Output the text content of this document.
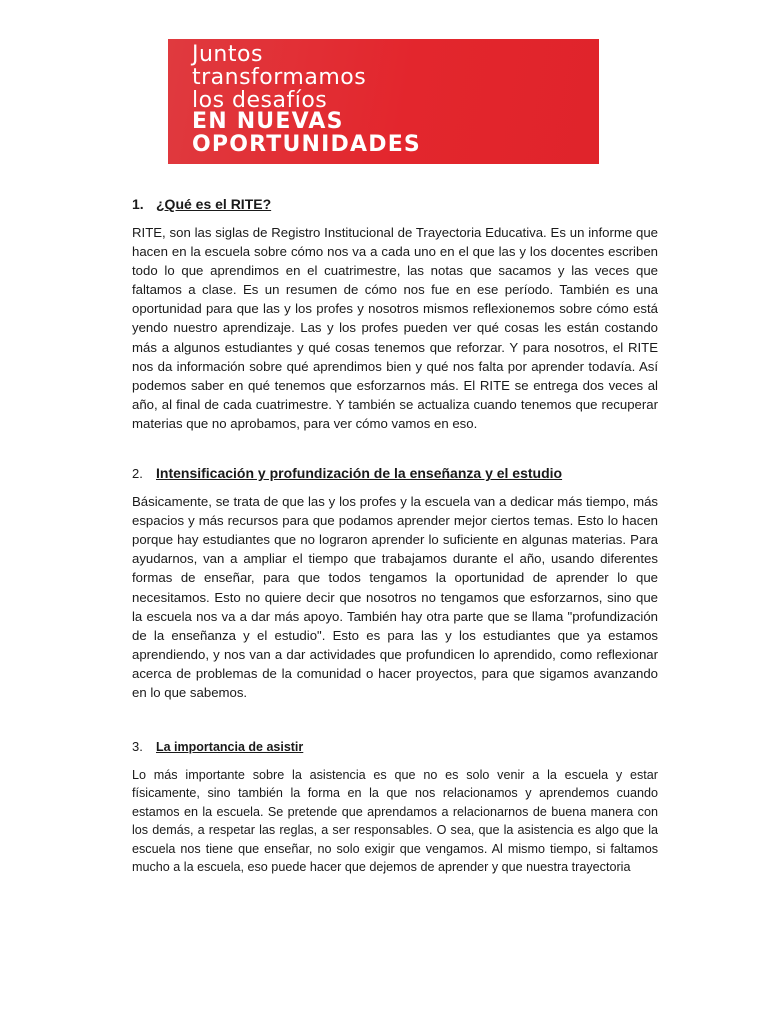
Juntos
transformamos
los desafíos
EN NUEVAS
OPORTUNIDADES
1. ¿Qué es el RITE?

RITE, son las siglas de Registro Institucional de Trayectoria Educativa. Es un informe que hacen en la escuela sobre cómo nos va a cada uno en el que las y los docentes escriben todo lo que aprendimos en el cuatrimestre, las notas que sacamos y las veces que faltamos a clase. Es un resumen de cómo nos fue en ese período. También es una oportunidad para que las y los profes y nosotros mismos reflexionemos sobre cómo está yendo nuestro aprendizaje. Las y los profes pueden ver qué cosas les están costando más a algunos estudiantes y qué cosas tenemos que reforzar. Y para nosotros, el RITE nos da información sobre qué aprendimos bien y qué nos falta por aprender todavía. Así podemos saber en qué tenemos que esforzarnos más. El RITE se entrega dos veces al año, al final de cada cuatrimestre. Y también se actualiza cuando tenemos que recuperar materias que no aprobamos, para ver cómo vamos en eso.

2. Intensificación y profundización de la enseñanza y el estudio

Básicamente, se trata de que las y los profes y la escuela van a dedicar más tiempo, más espacios y más recursos para que podamos aprender mejor ciertos temas. Esto lo hacen porque hay estudiantes que no lograron aprender lo suficiente en algunas materias. Para ayudarnos, van a ampliar el tiempo que trabajamos durante el año, usando diferentes formas de enseñar, para que todos tengamos la oportunidad de aprender lo que necesitamos. Esto no quiere decir que nosotros no tengamos que esforzarnos, sino que la escuela nos va a dar más apoyo. También hay otra parte que se llama "profundización de la enseñanza y el estudio". Esto es para las y los estudiantes que ya estamos aprendiendo, y nos van a dar actividades que profundicen lo aprendido, como reflexionar acerca de problemas de la comunidad o hacer proyectos, para que sigamos avanzando en lo que sabemos.

3. La importancia de asistir

Lo más importante sobre la asistencia es que no es solo venir a la escuela y estar físicamente, sino también la forma en la que nos relacionamos y aprendemos cuando estamos en la escuela. Se pretende que aprendamos a relacionarnos de buena manera con los demás, a respetar las reglas, a ser responsables. O sea, que la asistencia es algo que la escuela nos tiene que enseñar, no solo exigir que vengamos. Al mismo tiempo, si faltamos mucho a la escuela, eso puede hacer que dejemos de aprender y que nuestra trayectoria
